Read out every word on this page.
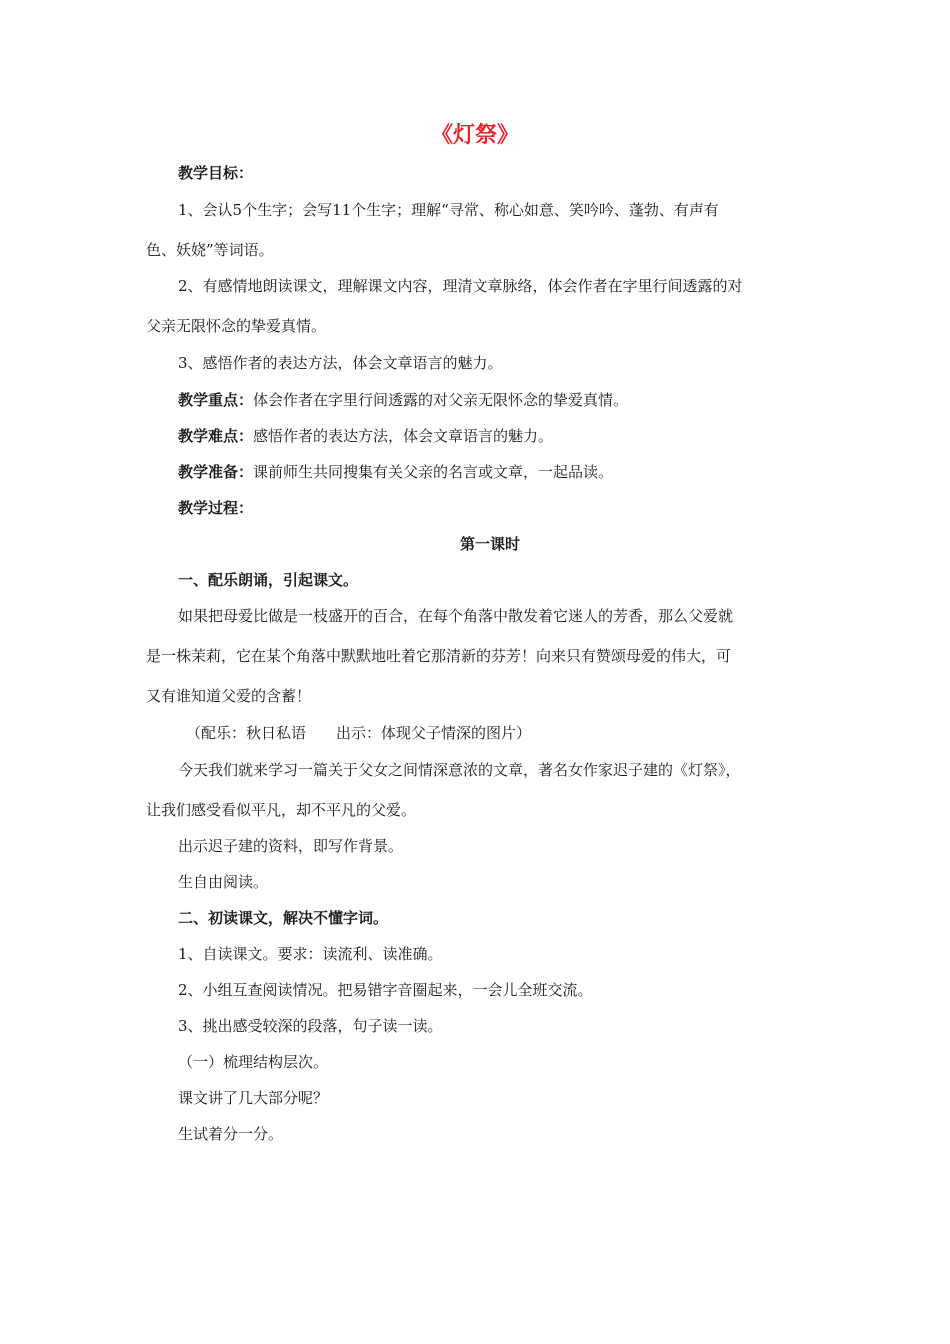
《灯祭》
教学目标：
1、会认5个生字；会写11个生字；理解“寻常、称心如意、笑吟吟、蓬勃、有声有
色、妖娆”等词语。
2、有感情地朗读课文，理解课文内容，理清文章脉络，体会作者在字里行间透露的对
父亲无限怀念的挚爱真情。
3、感悟作者的表达方法，体会文章语言的魅力。
教学重点：体会作者在字里行间透露的对父亲无限怀念的挚爱真情。
教学难点：感悟作者的表达方法，体会文章语言的魅力。
教学准备：课前师生共同搜集有关父亲的名言或文章，一起品读。
教学过程：
第一课时
一、配乐朗诵，引起课文。
如果把母爱比做是一枝盛开的百合，在每个角落中散发着它迷人的芳香，那么父爱就
是一株茉莉，它在某个角落中默默地吐着它那清新的芬芳！向来只有赞颂母爱的伟大，可
又有谁知道父爱的含蓄！
（配乐：秋日私语　　出示：体现父子情深的图片）
今天我们就来学习一篇关于父女之间情深意浓的文章，著名女作家迟子建的《灯祭》，
让我们感受看似平凡，却不平凡的父爱。
出示迟子建的资料，即写作背景。
生自由阅读。
二、初读课文，解决不懂字词。
1、自读课文。要求：读流利、读准确。
2、小组互查阅读情况。把易错字音圈起来，一会儿全班交流。
3、挑出感受较深的段落，句子读一读。
（一）梳理结构层次。
课文讲了几大部分呢？
生试着分一分。
